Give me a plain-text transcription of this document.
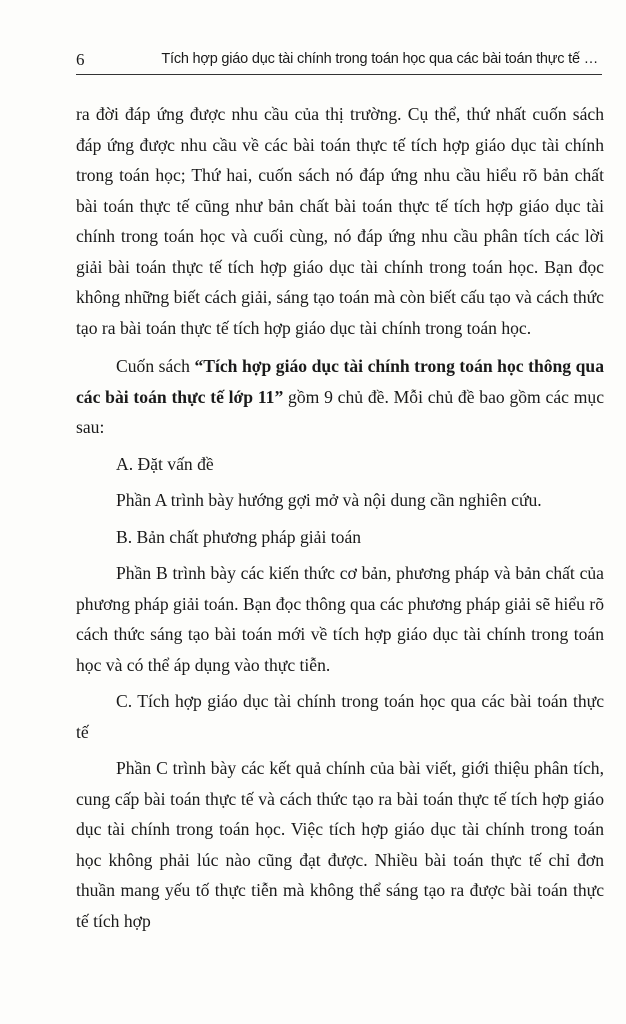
6	Tích hợp giáo dục tài chính trong toán học qua các bài toán thực tế …

ra đời đáp ứng được nhu cầu của thị trường. Cụ thể, thứ nhất cuốn sách đáp ứng được nhu cầu về các bài toán thực tế tích hợp giáo dục tài chính trong toán học; Thứ hai, cuốn sách nó đáp ứng nhu cầu hiểu rõ bản chất bài toán thực tế cũng như bản chất bài toán thực tế tích hợp giáo dục tài chính trong toán học và cuối cùng, nó đáp ứng nhu cầu phân tích các lời giải bài toán thực tế tích hợp giáo dục tài chính trong toán học. Bạn đọc không những biết cách giải, sáng tạo toán mà còn biết cấu tạo và cách thức tạo ra bài toán thực tế tích hợp giáo dục tài chính trong toán học.

Cuốn sách “Tích hợp giáo dục tài chính trong toán học thông qua các bài toán thực tế lớp 11” gồm 9 chủ đề. Mỗi chủ đề bao gồm các mục sau:

A. Đặt vấn đề

Phần A trình bày hướng gợi mở và nội dung cần nghiên cứu.

B. Bản chất phương pháp giải toán

Phần B trình bày các kiến thức cơ bản, phương pháp và bản chất của phương pháp giải toán. Bạn đọc thông qua các phương pháp giải sẽ hiểu rõ cách thức sáng tạo bài toán mới về tích hợp giáo dục tài chính trong toán học và có thể áp dụng vào thực tiễn.

C. Tích hợp giáo dục tài chính trong toán học qua các bài toán thực tế

Phần C trình bày các kết quả chính của bài viết, giới thiệu phân tích, cung cấp bài toán thực tế và cách thức tạo ra bài toán thực tế tích hợp giáo dục tài chính trong toán học. Việc tích hợp giáo dục tài chính trong toán học không phải lúc nào cũng đạt được. Nhiều bài toán thực tế chỉ đơn thuần mang yếu tố thực tiễn mà không thể sáng tạo ra được bài toán thực tế tích hợp
